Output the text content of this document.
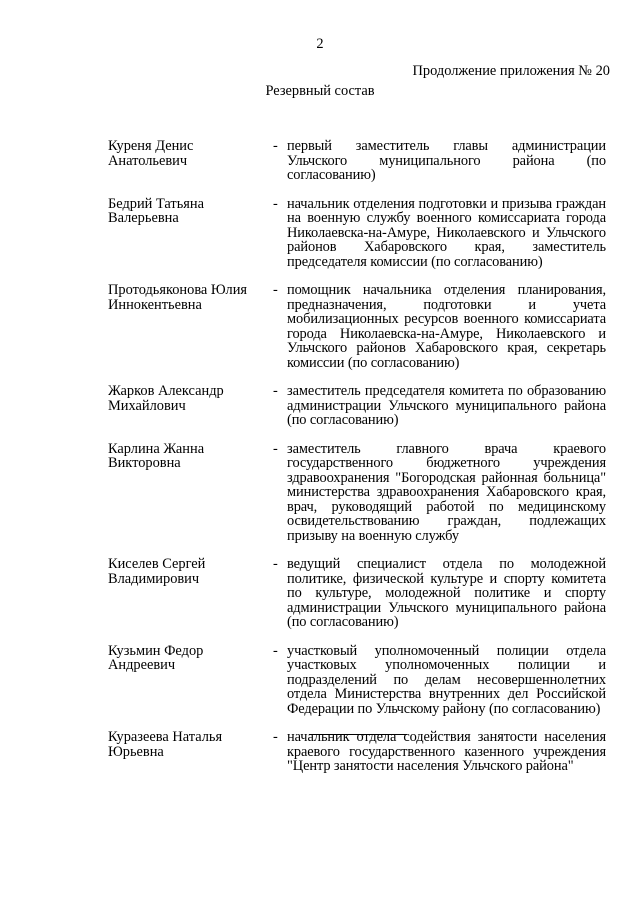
2
Продолжение приложения № 20
Резервный состав
Куреня Денис
Анатольевич
- первый заместитель главы администрации Ульчского муниципального района (по согласованию)
Бедрий Татьяна
Валерьевна
- начальник отделения подготовки и призыва граждан на военную службу военного комиссариата города Николаевска-на-Амуре, Николаевского и Ульчского районов Хабаровского края, заместитель председателя комиссии (по согласованию)
Протодьяконова Юлия
Иннокентьевна
- помощник начальника отделения планирования, предназначения, подготовки и учета мобилизационных ресурсов военного комиссариата города Николаевска-на-Амуре, Николаевского и Ульчского районов Хабаровского края, секретарь комиссии (по согласованию)
Жарков Александр
Михайлович
- заместитель председателя комитета по образованию администрации Ульчского муниципального района (по согласованию)
Карлина Жанна
Викторовна
- заместитель главного врача краевого государственного бюджетного учреждения здравоохранения "Богородская районная больница" министерства здравоохранения Хабаровского края, врач, руководящий работой по медицинскому освидетельствованию граждан, подлежащих призыву на военную службу
Киселев Сергей
Владимирович
- ведущий специалист отдела по молодежной политике, физической культуре и спорту комитета по культуре, молодежной политике и спорту администрации Ульчского муниципального района (по согласованию)
Кузьмин Федор
Андреевич
- участковый уполномоченный полиции отдела участковых уполномоченных полиции и подразделений по делам несовершеннолетних отдела Министерства внутренних дел Российской Федерации по Ульчскому району (по согласованию)
Куразеева Наталья
Юрьевна
- начальник отдела содействия занятости населения краевого государственного казенного учреждения "Центр занятости населения Ульчского района"
